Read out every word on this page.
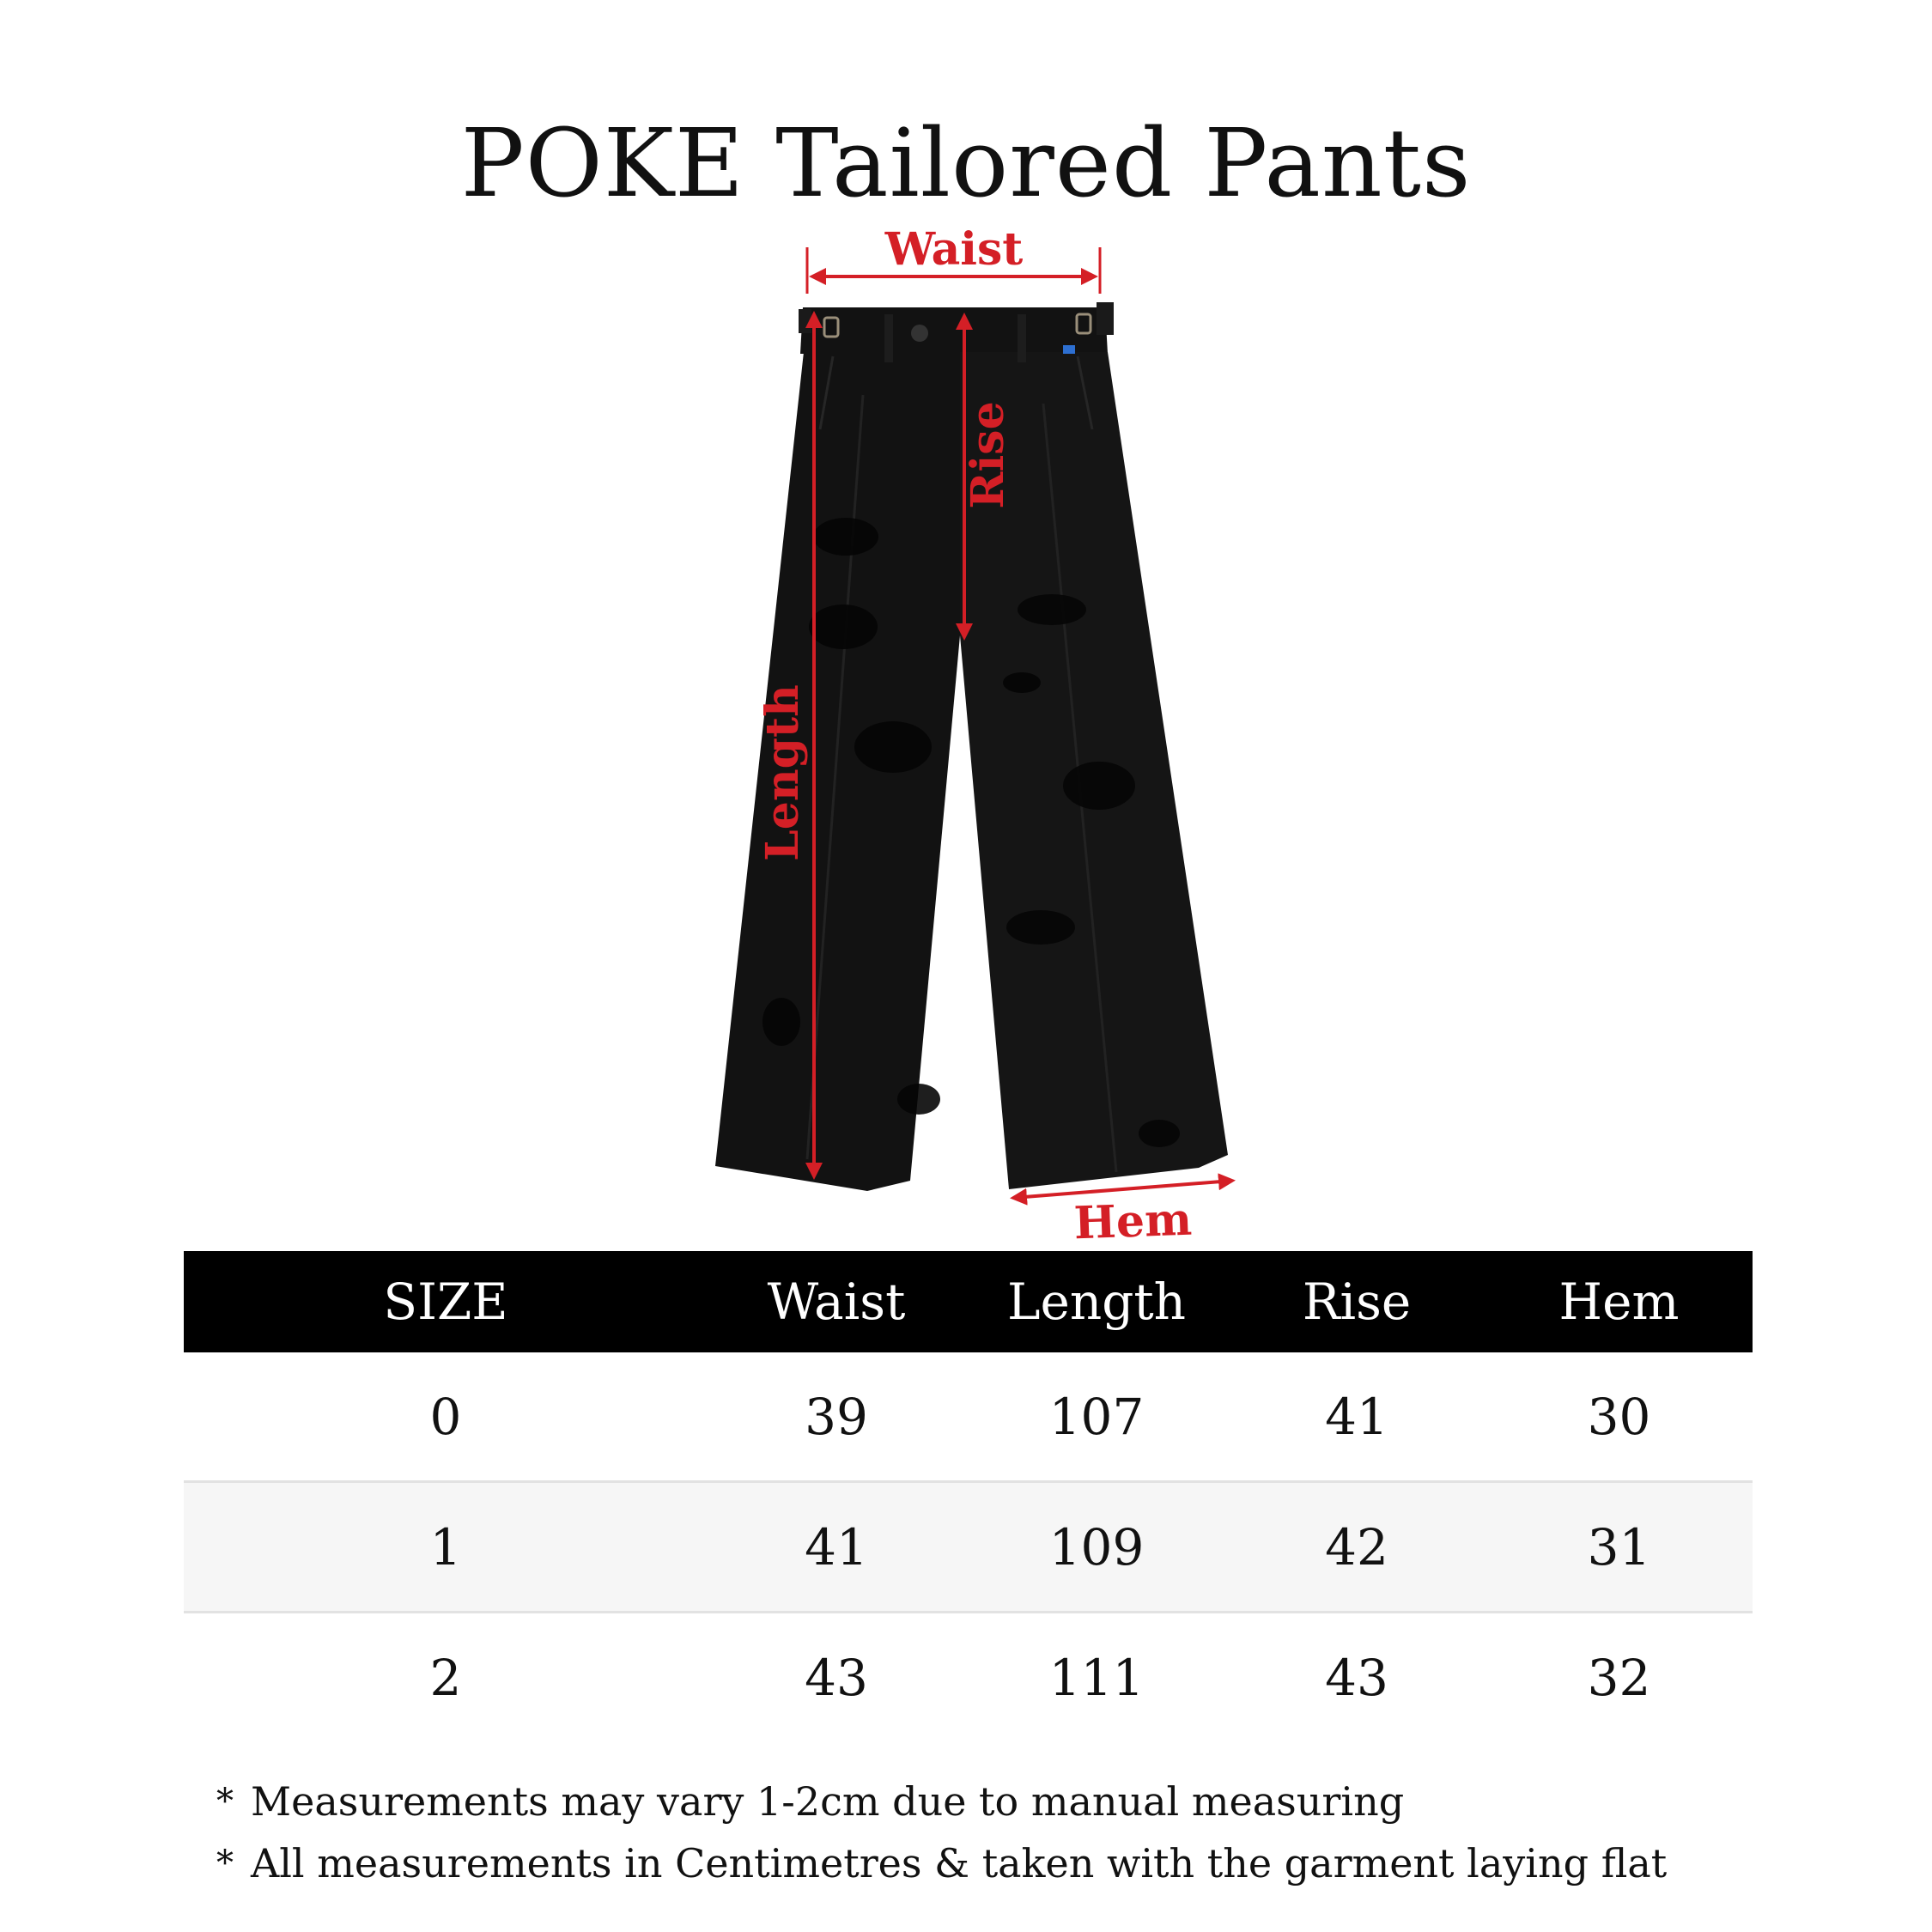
POKE Tailored Pants
Waist
Rise
Length
Hem
SIZE	Waist	Length	Rise	Hem
0	39	107	41	30
1	41	109	42	31
2	43	111	43	32
* Measurements may vary 1-2cm due to manual measuring
* All measurements in Centimetres & taken with the garment laying flat
